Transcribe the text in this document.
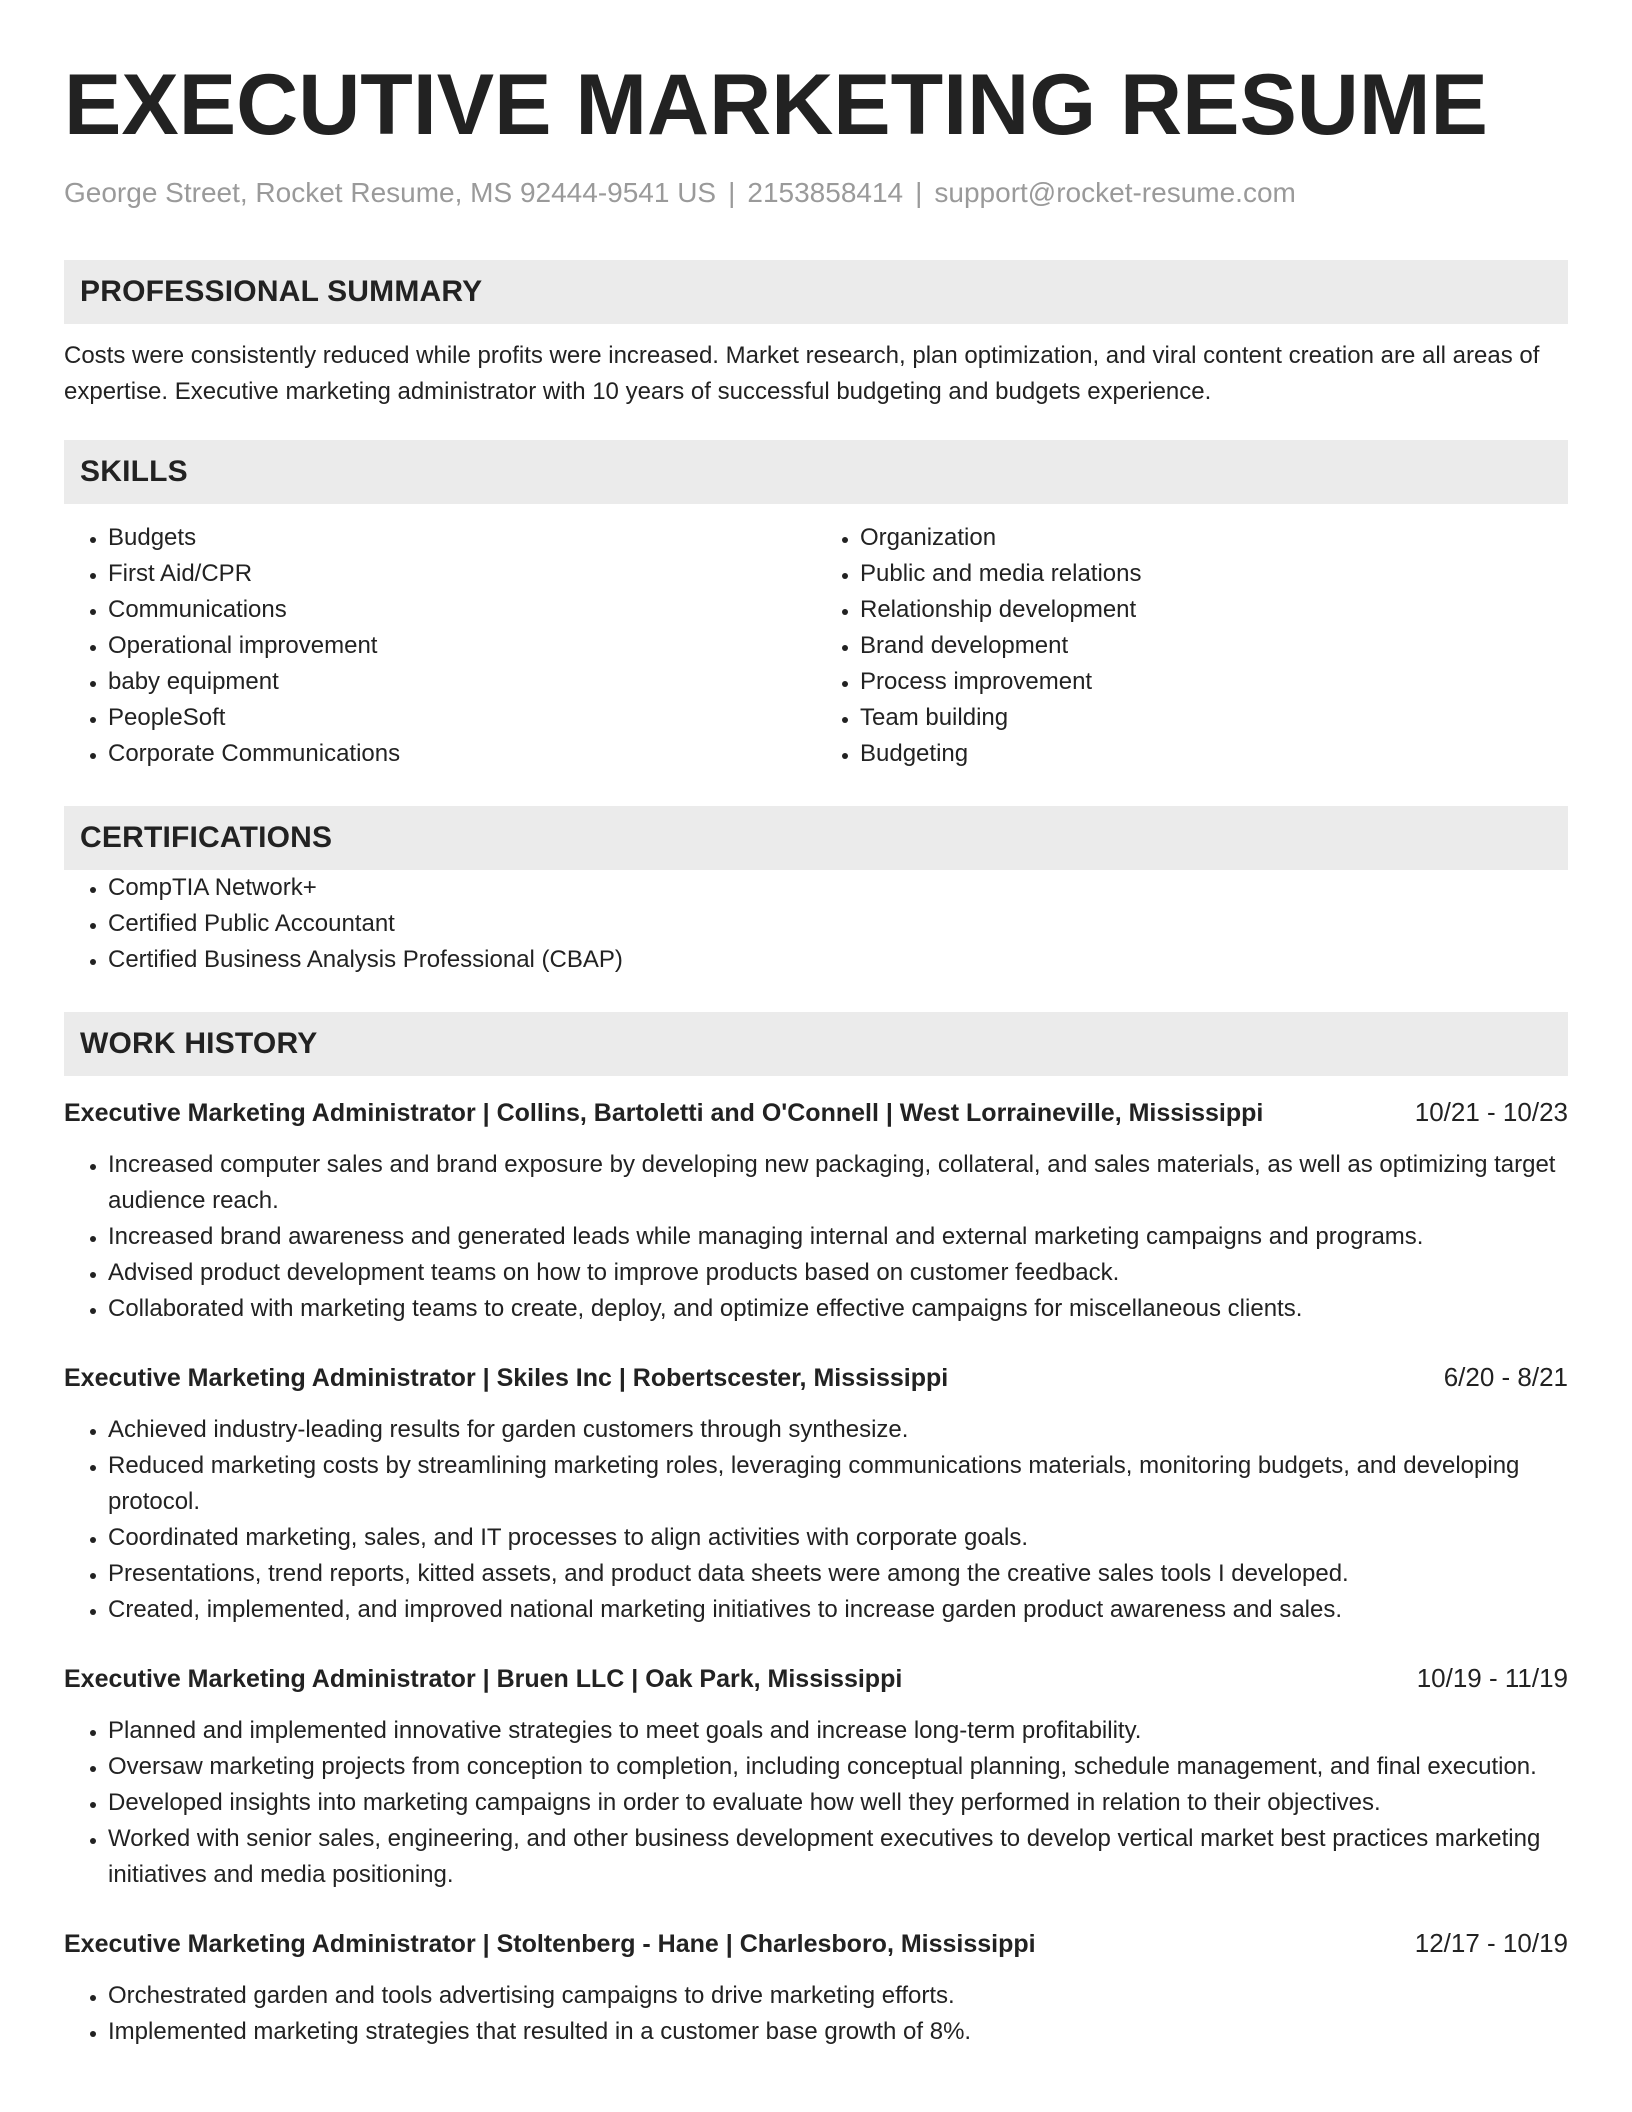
EXECUTIVE MARKETING RESUME
George Street, Rocket Resume, MS 92444-9541 US | 2153858414 | support@rocket-resume.com
PROFESSIONAL SUMMARY
Costs were consistently reduced while profits were increased. Market research, plan optimization, and viral content creation are all areas of expertise. Executive marketing administrator with 10 years of successful budgeting and budgets experience.
SKILLS
• Budgets
• First Aid/CPR
• Communications
• Operational improvement
• baby equipment
• PeopleSoft
• Corporate Communications
• Organization
• Public and media relations
• Relationship development
• Brand development
• Process improvement
• Team building
• Budgeting
CERTIFICATIONS
• CompTIA Network+
• Certified Public Accountant
• Certified Business Analysis Professional (CBAP)
WORK HISTORY
Executive Marketing Administrator | Collins, Bartoletti and O'Connell | West Lorraineville, Mississippi	10/21 - 10/23
• Increased computer sales and brand exposure by developing new packaging, collateral, and sales materials, as well as optimizing target audience reach.
• Increased brand awareness and generated leads while managing internal and external marketing campaigns and programs.
• Advised product development teams on how to improve products based on customer feedback.
• Collaborated with marketing teams to create, deploy, and optimize effective campaigns for miscellaneous clients.
Executive Marketing Administrator | Skiles Inc | Robertscester, Mississippi	6/20 - 8/21
• Achieved industry-leading results for garden customers through synthesize.
• Reduced marketing costs by streamlining marketing roles, leveraging communications materials, monitoring budgets, and developing protocol.
• Coordinated marketing, sales, and IT processes to align activities with corporate goals.
• Presentations, trend reports, kitted assets, and product data sheets were among the creative sales tools I developed.
• Created, implemented, and improved national marketing initiatives to increase garden product awareness and sales.
Executive Marketing Administrator | Bruen LLC | Oak Park, Mississippi	10/19 - 11/19
• Planned and implemented innovative strategies to meet goals and increase long-term profitability.
• Oversaw marketing projects from conception to completion, including conceptual planning, schedule management, and final execution.
• Developed insights into marketing campaigns in order to evaluate how well they performed in relation to their objectives.
• Worked with senior sales, engineering, and other business development executives to develop vertical market best practices marketing initiatives and media positioning.
Executive Marketing Administrator | Stoltenberg - Hane | Charlesboro, Mississippi	12/17 - 10/19
• Orchestrated garden and tools advertising campaigns to drive marketing efforts.
• Implemented marketing strategies that resulted in a customer base growth of 8%.
